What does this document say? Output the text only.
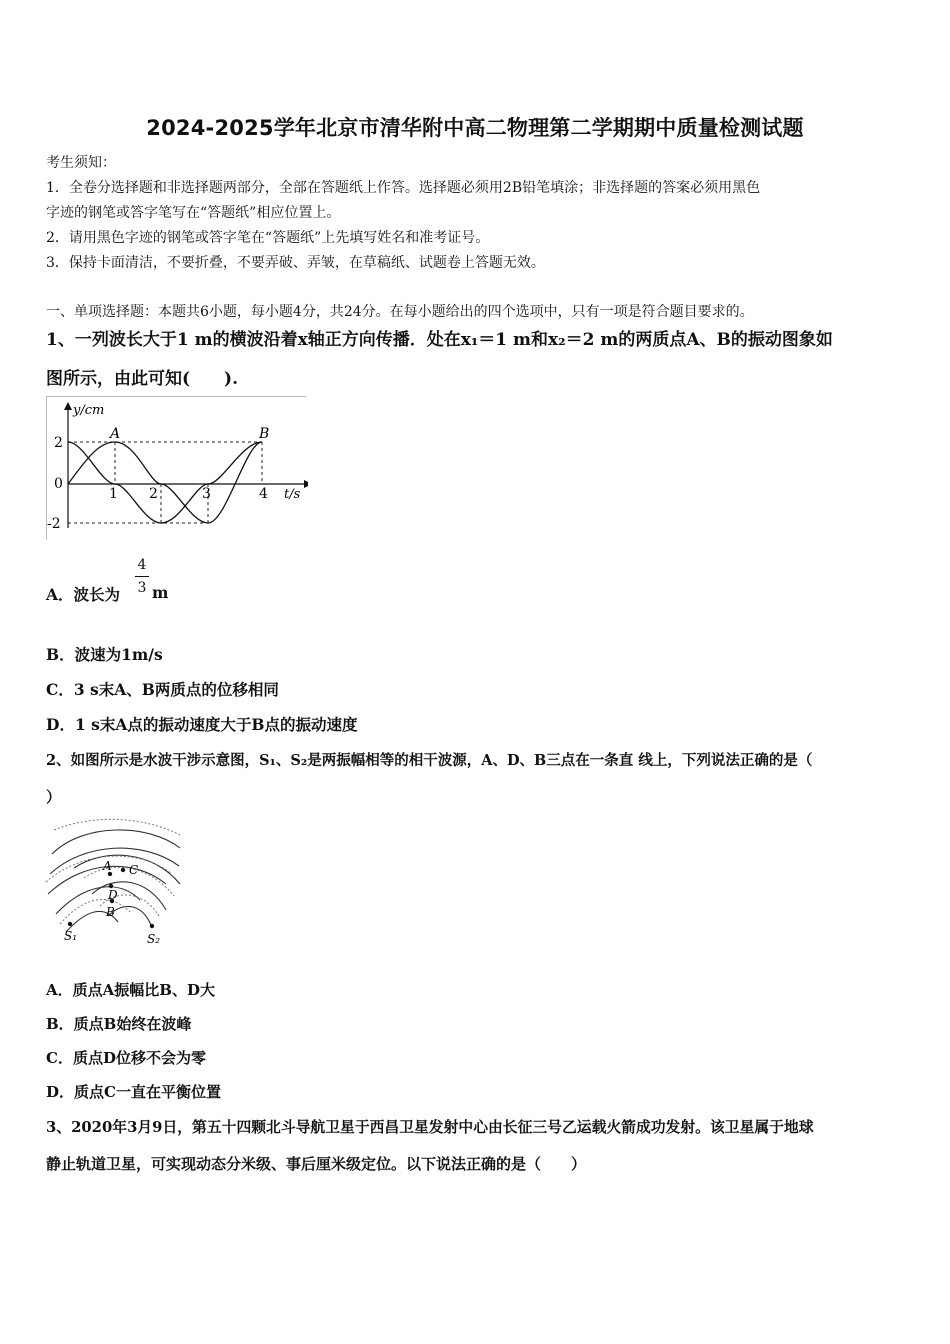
2024-2025学年北京市清华附中高二物理第二学期期中质量检测试题
考生须知：
1．全卷分选择题和非选择题两部分，全部在答题纸上作答。选择题必须用2B铅笔填涂；非选择题的答案必须用黑色
字迹的钢笔或答字笔写在“答题纸”相应位置上。
2．请用黑色字迹的钢笔或答字笔在“答题纸”上先填写姓名和准考证号。
3．保持卡面清洁，不要折叠，不要弄破、弄皱，在草稿纸、试题卷上答题无效。
一、单项选择题：本题共6小题，每小题4分，共24分。在每小题给出的四个选项中，只有一项是符合题目要求的。
1、一列波长大于1 m的横波沿着x轴正方向传播．处在x₁＝1 m和x₂＝2 m的两质点A、B的振动图象如
图所示，由此可知(　　).
y/cm
t/s
0
2
-2
1 2	3	4
A	B
A．波长为
4
3 m
B．波速为1m/s
C．3 s末A、B两质点的位移相同
D．1 s末A点的振动速度大于B点的振动速度
2、如图所示是水波干涉示意图，S₁、S₂是两振幅相等的相干波源，A、D、B三点在一条直 线上，下列说法正确的是（
）
A C
D
B
S₁	S₂
A．质点A振幅比B、D大
B．质点B始终在波峰
C．质点D位移不会为零
D．质点C一直在平衡位置
3、2020年3月9日，第五十四颗北斗导航卫星于西昌卫星发射中心由长征三号乙运载火箭成功发射。该卫星属于地球
静止轨道卫星，可实现动态分米级、事后厘米级定位。以下说法正确的是（　　）
